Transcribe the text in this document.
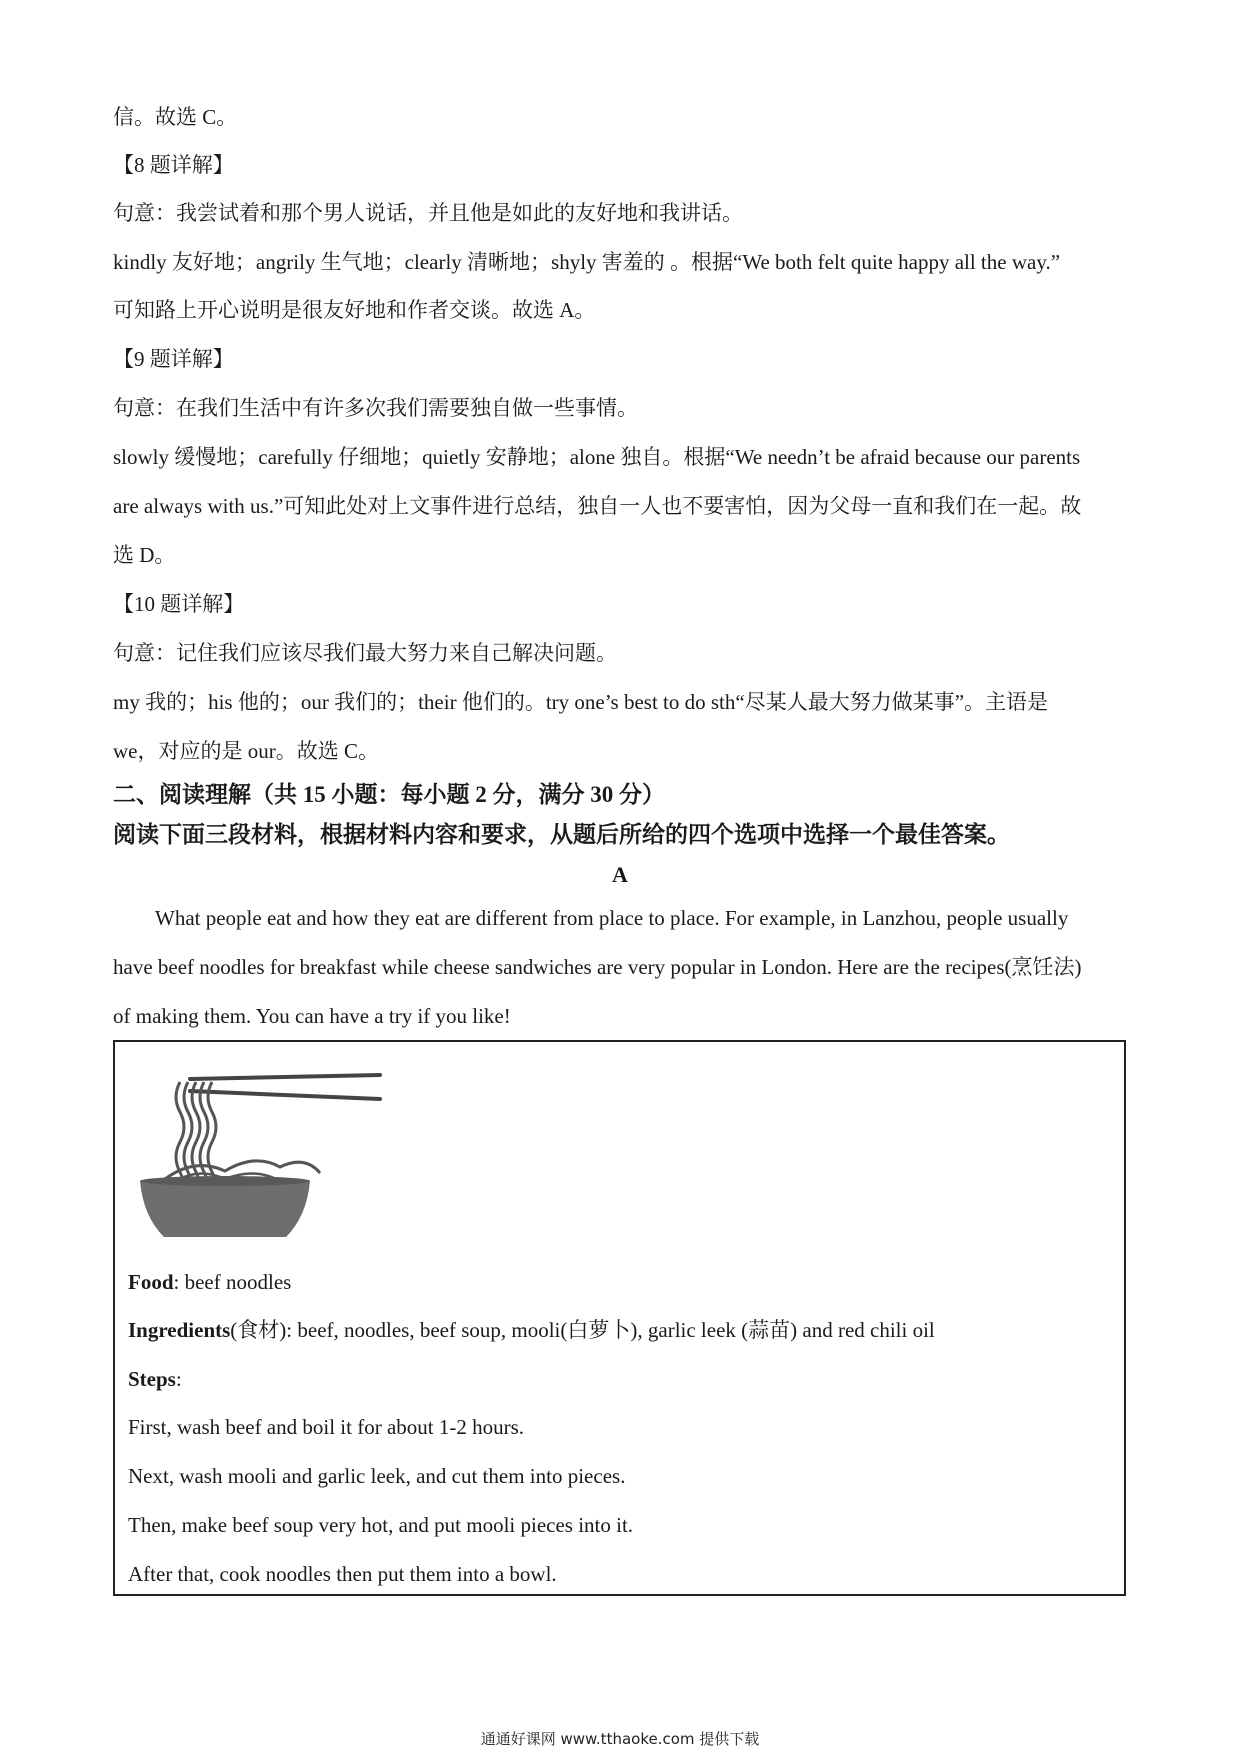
信。故选 C。
【8 题详解】
句意：我尝试着和那个男人说话，并且他是如此的友好地和我讲话。
kindly 友好地；angrily 生气地；clearly 清晰地；shyly 害羞的 。根据“We both felt quite happy all the way.”
可知路上开心说明是很友好地和作者交谈。故选 A。
【9 题详解】
句意：在我们生活中有许多次我们需要独自做一些事情。
slowly 缓慢地；carefully 仔细地；quietly 安静地；alone 独自。根据“We needn’t be afraid because our parents
are always with us.”可知此处对上文事件进行总结，独自一人也不要害怕，因为父母一直和我们在一起。故
选 D。
【10 题详解】
句意：记住我们应该尽我们最大努力来自己解决问题。
my 我的；his 他的；our 我们的；their 他们的。try one’s best to do sth“尽某人最大努力做某事”。主语是
we，对应的是 our。故选 C。
二、阅读理解（共 15 小题：每小题 2 分，满分 30 分）
阅读下面三段材料，根据材料内容和要求，从题后所给的四个选项中选择一个最佳答案。
A
What people eat and how they eat are different from place to place. For example, in Lanzhou, people usually
have beef noodles for breakfast while cheese sandwiches are very popular in London. Here are the recipes(烹饪法)
of making them. You can have a try if you like!
Food: beef noodles
Ingredients(食材): beef, noodles, beef soup, mooli(白萝卜), garlic leek (蒜苗) and red chili oil
Steps:
First, wash beef and boil it for about 1-2 hours.
Next, wash mooli and garlic leek, and cut them into pieces.
Then, make beef soup very hot, and put mooli pieces into it.
After that, cook noodles then put them into a bowl.
通通好课网 www.tthaoke.com 提供下载
